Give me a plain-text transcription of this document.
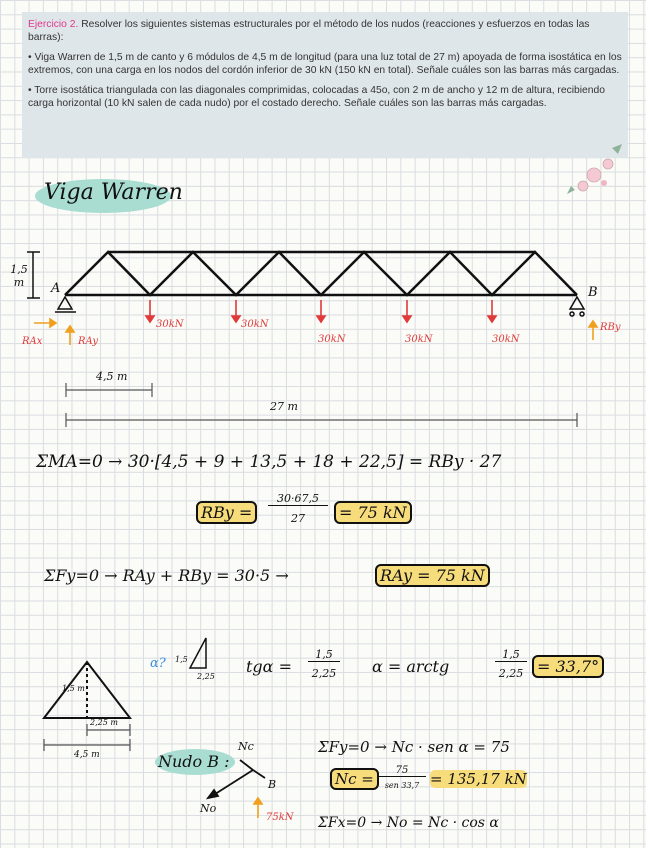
Ejercicio 2. Resolver los siguientes sistemas estructurales por el método de los nudos (reacciones y esfuerzos en todas las barras):

• Viga Warren de 1,5 m de canto y 6 módulos de 4,5 m de longitud (para una luz total de 27 m) apoyada de forma isostática en los extremos, con una carga en los nodos del cordón inferior de 30 kN (150 kN en total). Señale cuáles son las barras más cargadas.

• Torre isostática triangulada con las diagonales comprimidas, colocadas a 45o, con 2 m de ancho y 12 m de altura, recibiendo carga horizontal (10 kN salen de cada nudo) por el costado derecho. Señale cuáles son las barras más cargadas.

Viga Warren
1,5 m	A	B
30kN	30kN
30kN	30kN	30kN
RAx	RAy
RBy
4,5 m
27 m
ΣMA=0 → 30·[4,5 + 9 + 13,5 + 18 + 22,5] = RBy · 27
RBy =
30·67,5
27	= 75 kN
ΣFy=0 → RAy + RBy = 30·5 →	RAy = 75 kN
α? 1,5
2,25
tgα =
1,5
2,25 α = arctg
1,5
2,25 = 33,7°
1,5 m
2,25 m
4,5 m	Nudo B :
Nc
No
B
75kN
ΣFy=0 → Nc · sen α = 75
Nc =	75
sen 33,7 = 135,17 kN
ΣFx=0 → No = Nc · cos α
